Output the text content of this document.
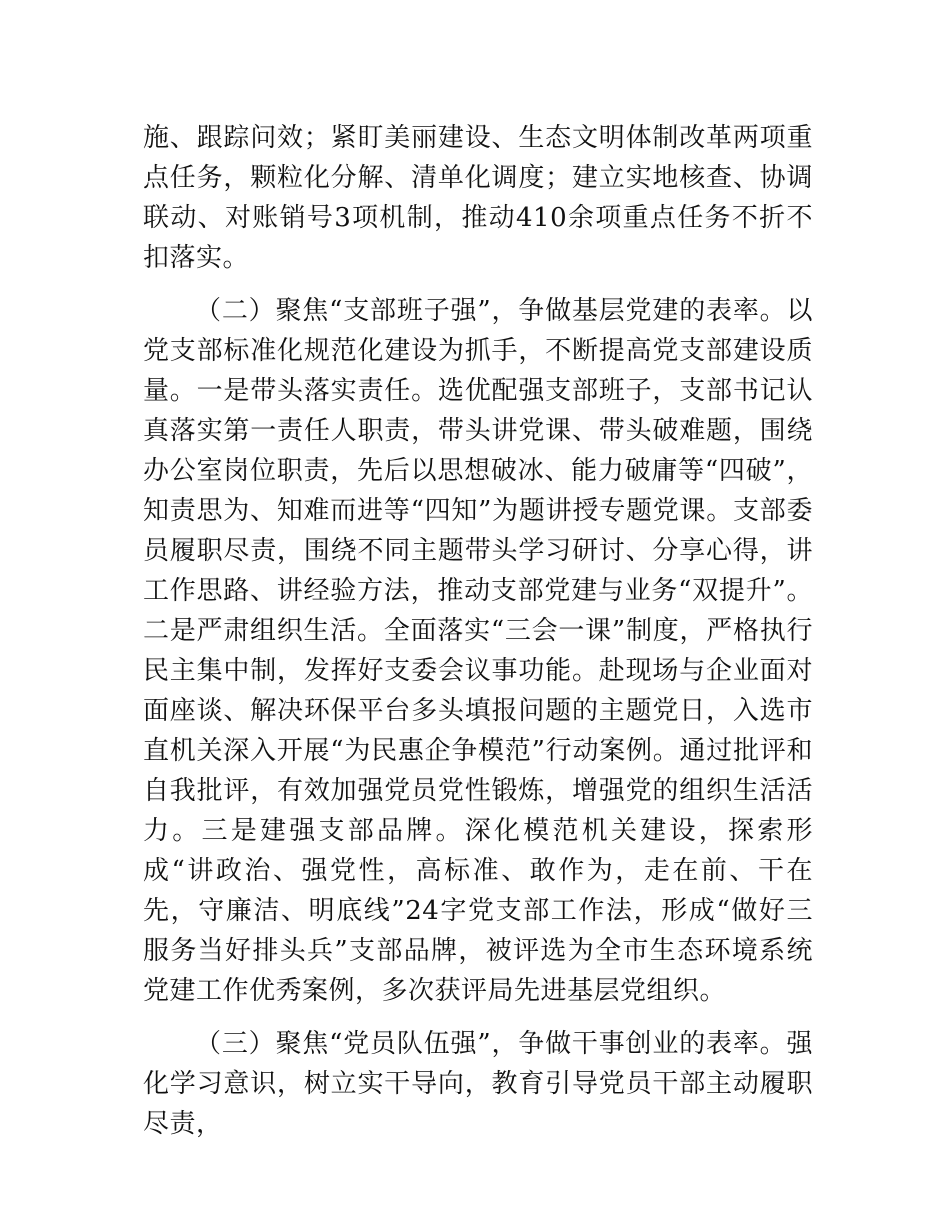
施、跟踪问效；紧盯美丽建设、生态文明体制改革两项重点任务，颗粒化分解、清单化调度；建立实地核查、协调联动、对账销号3项机制，推动410余项重点任务不折不扣落实。

（二）聚焦“支部班子强”，争做基层党建的表率。以党支部标准化规范化建设为抓手，不断提高党支部建设质量。一是带头落实责任。选优配强支部班子，支部书记认真落实第一责任人职责，带头讲党课、带头破难题，围绕办公室岗位职责，先后以思想破冰、能力破庸等“四破”，知责思为、知难而进等“四知”为题讲授专题党课。支部委员履职尽责，围绕不同主题带头学习研讨、分享心得，讲工作思路、讲经验方法，推动支部党建与业务“双提升”。二是严肃组织生活。全面落实“三会一课”制度，严格执行民主集中制，发挥好支委会议事功能。赴现场与企业面对面座谈、解决环保平台多头填报问题的主题党日，入选市直机关深入开展“为民惠企争模范”行动案例。通过批评和自我批评，有效加强党员党性锻炼，增强党的组织生活活力。三是建强支部品牌。深化模范机关建设，探索形成“讲政治、强党性，高标准、敢作为，走在前、干在先，守廉洁、明底线”24字党支部工作法，形成“做好三服务当好排头兵”支部品牌，被评选为全市生态环境系统党建工作优秀案例，多次获评局先进基层党组织。

（三）聚焦“党员队伍强”，争做干事创业的表率。强化学习意识，树立实干导向，教育引导党员干部主动履职尽责，
